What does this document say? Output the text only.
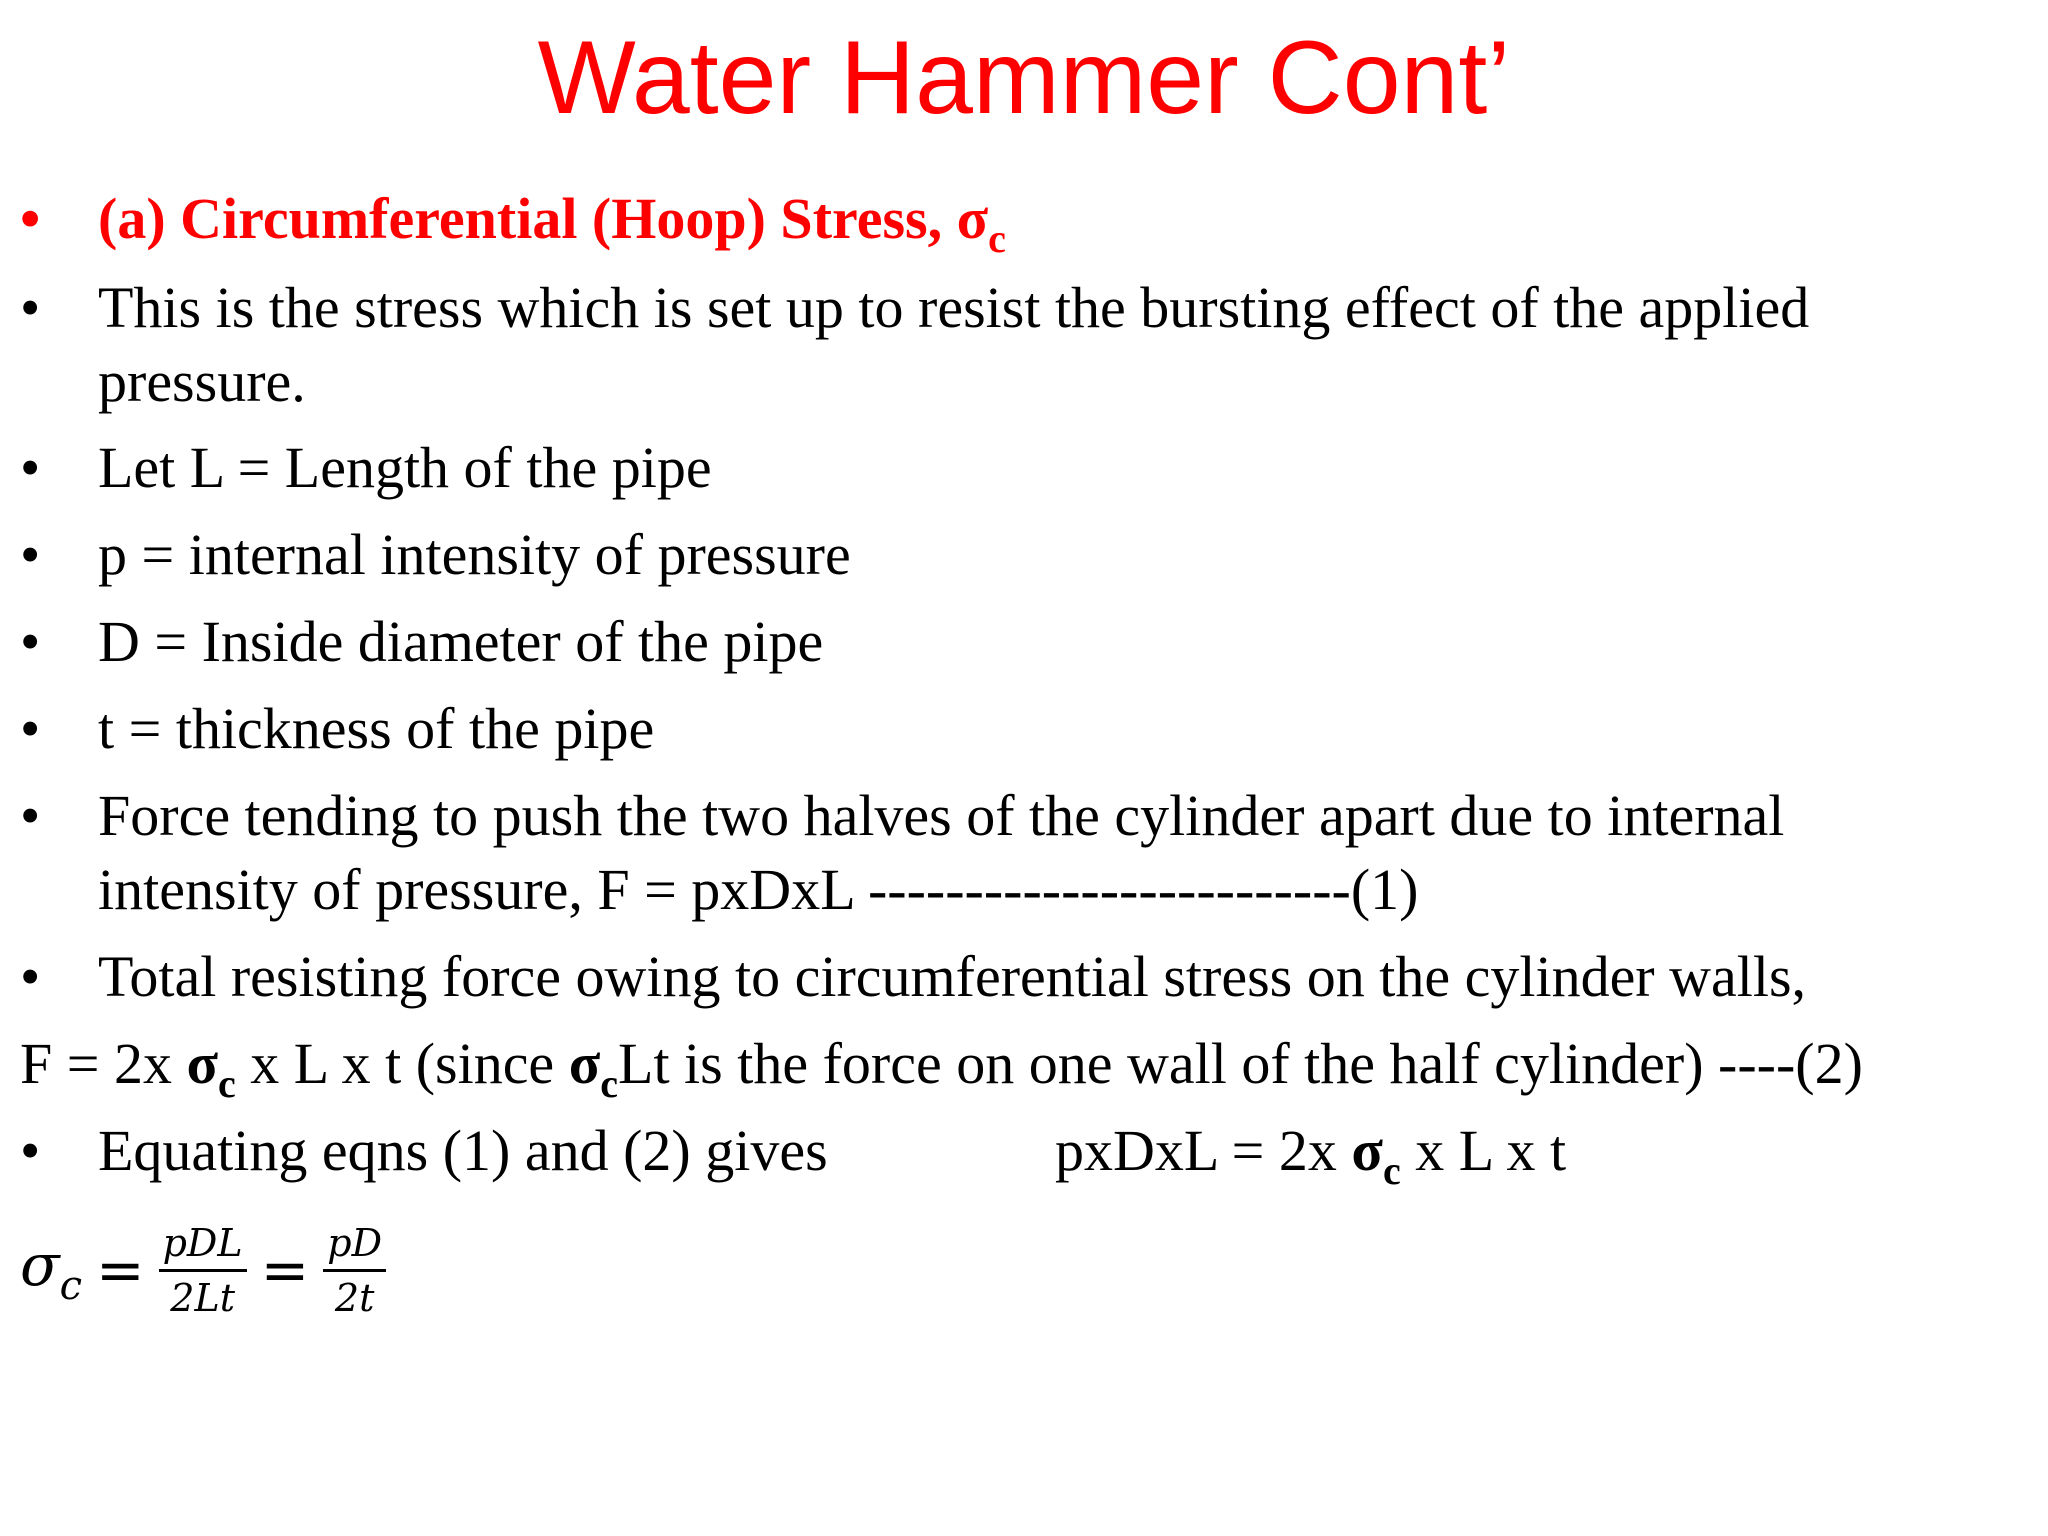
Water Hammer Cont’
• (a) Circumferential (Hoop) Stress, $\sigma_c$
• This is the stress which is set up to resist the bursting effect of the applied
pressure.
• Let L = Length of the pipe
• p = internal intensity of pressure
• D = Inside diameter of the pipe
• t = thickness of the pipe
• Force tending to push the two halves of the cylinder apart due to internal
intensity of pressure, F = pxDxL -------------------------(1)
• Total resisting force owing to circumferential stress on the cylinder walls,
F = 2x $\sigma_c$ x L x t (since $\sigma_cLt$ is the force on one wall of the half cylinder) ----(2)
• Equating eqns (1) and (2) gives	pxDxL = 2x $\sigma_c$ x L x t
$\sigma_c = \frac{\text{pDL}}{2Lt} = \frac{pD}{2t}$
